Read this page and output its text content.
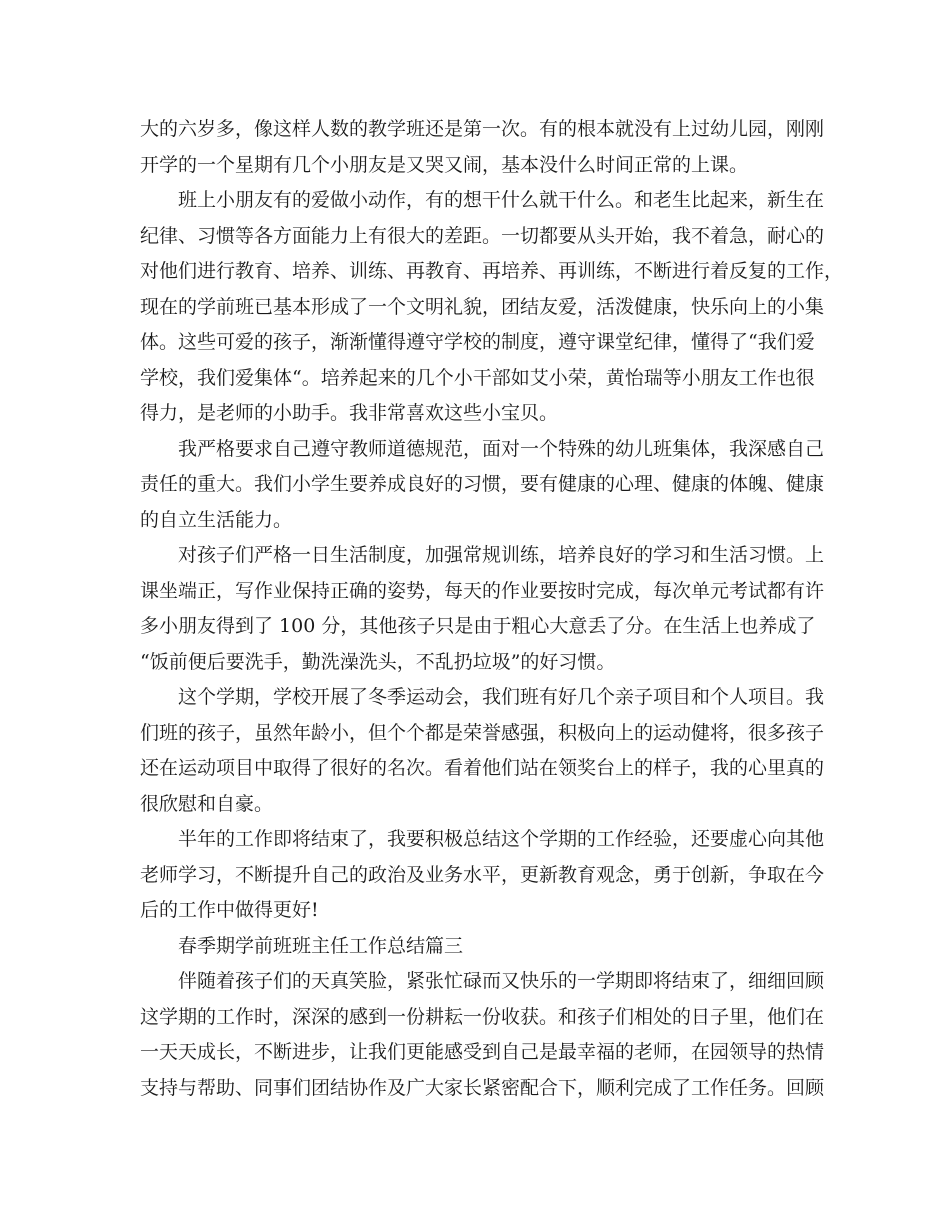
大的六岁多，像这样人数的教学班还是第一次。有的根本就没有上过幼儿园，刚刚
开学的一个星期有几个小朋友是又哭又闹，基本没什么时间正常的上课。
班上小朋友有的爱做小动作，有的想干什么就干什么。和老生比起来，新生在
纪律、习惯等各方面能力上有很大的差距。一切都要从头开始，我不着急，耐心的
对他们进行教育、培养、训练、再教育、再培养、再训练，不断进行着反复的工作，
现在的学前班已基本形成了一个文明礼貌，团结友爱，活泼健康，快乐向上的小集
体。这些可爱的孩子，渐渐懂得遵守学校的制度，遵守课堂纪律，懂得了“我们爱
学校，我们爱集体“。培养起来的几个小干部如艾小荣，黄怡瑞等小朋友工作也很
得力，是老师的小助手。我非常喜欢这些小宝贝。
我严格要求自己遵守教师道德规范，面对一个特殊的幼儿班集体，我深感自己
责任的重大。我们小学生要养成良好的习惯，要有健康的心理、健康的体魄、健康
的自立生活能力。
对孩子们严格一日生活制度，加强常规训练，培养良好的学习和生活习惯。上
课坐端正，写作业保持正确的姿势，每天的作业要按时完成，每次单元考试都有许
多小朋友得到了 100 分，其他孩子只是由于粗心大意丢了分。在生活上也养成了
“饭前便后要洗手，勤洗澡洗头，不乱扔垃圾”的好习惯。
这个学期，学校开展了冬季运动会，我们班有好几个亲子项目和个人项目。我
们班的孩子，虽然年龄小，但个个都是荣誉感强，积极向上的运动健将，很多孩子
还在运动项目中取得了很好的名次。看着他们站在领奖台上的样子，我的心里真的
很欣慰和自豪。
半年的工作即将结束了，我要积极总结这个学期的工作经验，还要虚心向其他
老师学习，不断提升自己的政治及业务水平，更新教育观念，勇于创新，争取在今
后的工作中做得更好!
春季期学前班班主任工作总结篇三
伴随着孩子们的天真笑脸，紧张忙碌而又快乐的一学期即将结束了，细细回顾
这学期的工作时，深深的感到一份耕耘一份收获。和孩子们相处的日子里，他们在
一天天成长，不断进步，让我们更能感受到自己是最幸福的老师，在园领导的热情
支持与帮助、同事们团结协作及广大家长紧密配合下，顺利完成了工作任务。回顾
